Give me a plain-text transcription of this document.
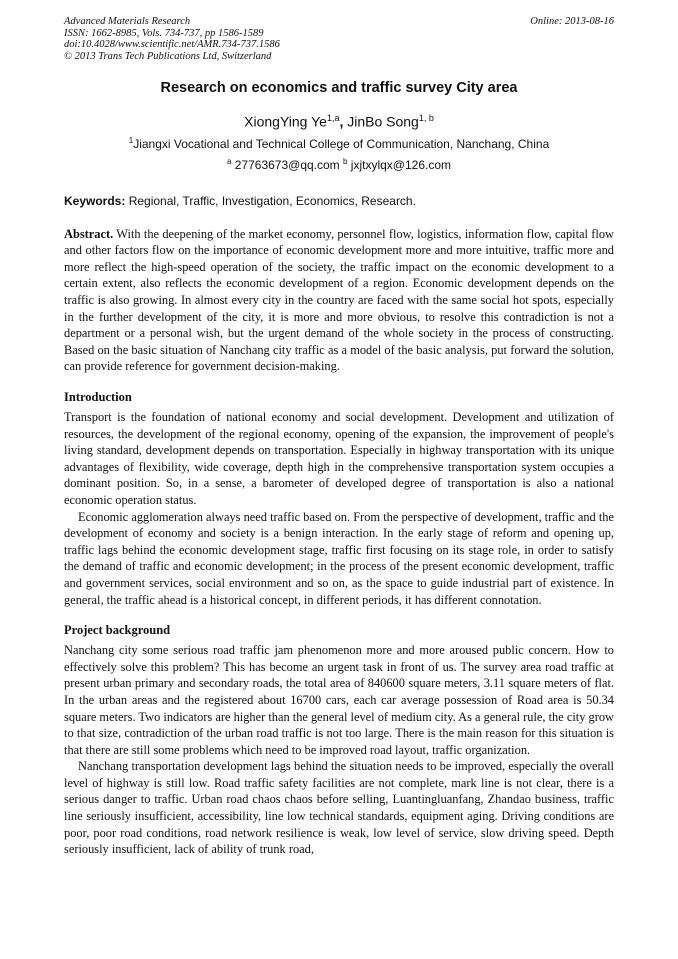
Advanced Materials Research
ISSN: 1662-8985, Vols. 734-737, pp 1586-1589
doi:10.4028/www.scientific.net/AMR.734-737.1586
© 2013 Trans Tech Publications Ltd, Switzerland
Online: 2013-08-16
Research on economics and traffic survey City area
XiongYing Ye$^{1,a}$, JinBo Song$^{1, b}$
$^1$Jiangxi Vocational and Technical College of Communication, Nanchang, China
$^a$ 27763673@qq.com $^b$ jxjtxylqx@126.com
Keywords: Regional, Traffic, Investigation, Economics, Research.

Abstract. With the deepening of the market economy, personnel flow, logistics, information flow, capital flow and other factors flow on the importance of economic development more and more intuitive, traffic more and more reflect the high-speed operation of the society, the traffic impact on the economic development to a certain extent, also reflects the economic development of a region. Economic development depends on the traffic is also growing. In almost every city in the country are faced with the same social hot spots, especially in the further development of the city, it is more and more obvious, to resolve this contradiction is not a department or a personal wish, but the urgent demand of the whole society in the process of constructing. Based on the basic situation of Nanchang city traffic as a model of the basic analysis, put forward the solution, can provide reference for government decision-making.

Introduction

Transport is the foundation of national economy and social development. Development and utilization of resources, the development of the regional economy, opening of the expansion, the improvement of people's living standard, development depends on transportation. Especially in highway transportation with its unique advantages of flexibility, wide coverage, depth high in the comprehensive transportation system occupies a dominant position. So, in a sense, a barometer of developed degree of transportation is also a national economic operation status.

Economic agglomeration always need traffic based on. From the perspective of development, traffic and the development of economy and society is a benign interaction. In the early stage of reform and opening up, traffic lags behind the economic development stage, traffic first focusing on its stage role, in order to satisfy the demand of traffic and economic development; in the process of the present economic development, traffic and government services, social environment and so on, as the space to guide industrial part of existence. In general, the traffic ahead is a historical concept, in different periods, it has different connotation.

Project background

Nanchang city some serious road traffic jam phenomenon more and more aroused public concern. How to effectively solve this problem? This has become an urgent task in front of us. The survey area road traffic at present urban primary and secondary roads, the total area of 840600 square meters, 3.11 square meters of flat. In the urban areas and the registered about 16700 cars, each car average possession of Road area is 50.34 square meters. Two indicators are higher than the general level of medium city. As a general rule, the city grow to that size, contradiction of the urban road traffic is not too large. There is the main reason for this situation is that there are still some problems which need to be improved road layout, traffic organization.

Nanchang transportation development lags behind the situation needs to be improved, especially the overall level of highway is still low. Road traffic safety facilities are not complete, mark line is not clear, there is a serious danger to traffic. Urban road chaos chaos before selling, Luantingluanfang, Zhandao business, traffic line seriously insufficient, accessibility, line low technical standards, equipment aging. Driving conditions are poor, poor road conditions, road network resilience is weak, low level of service, slow driving speed. Depth seriously insufficient, lack of ability of trunk road,
